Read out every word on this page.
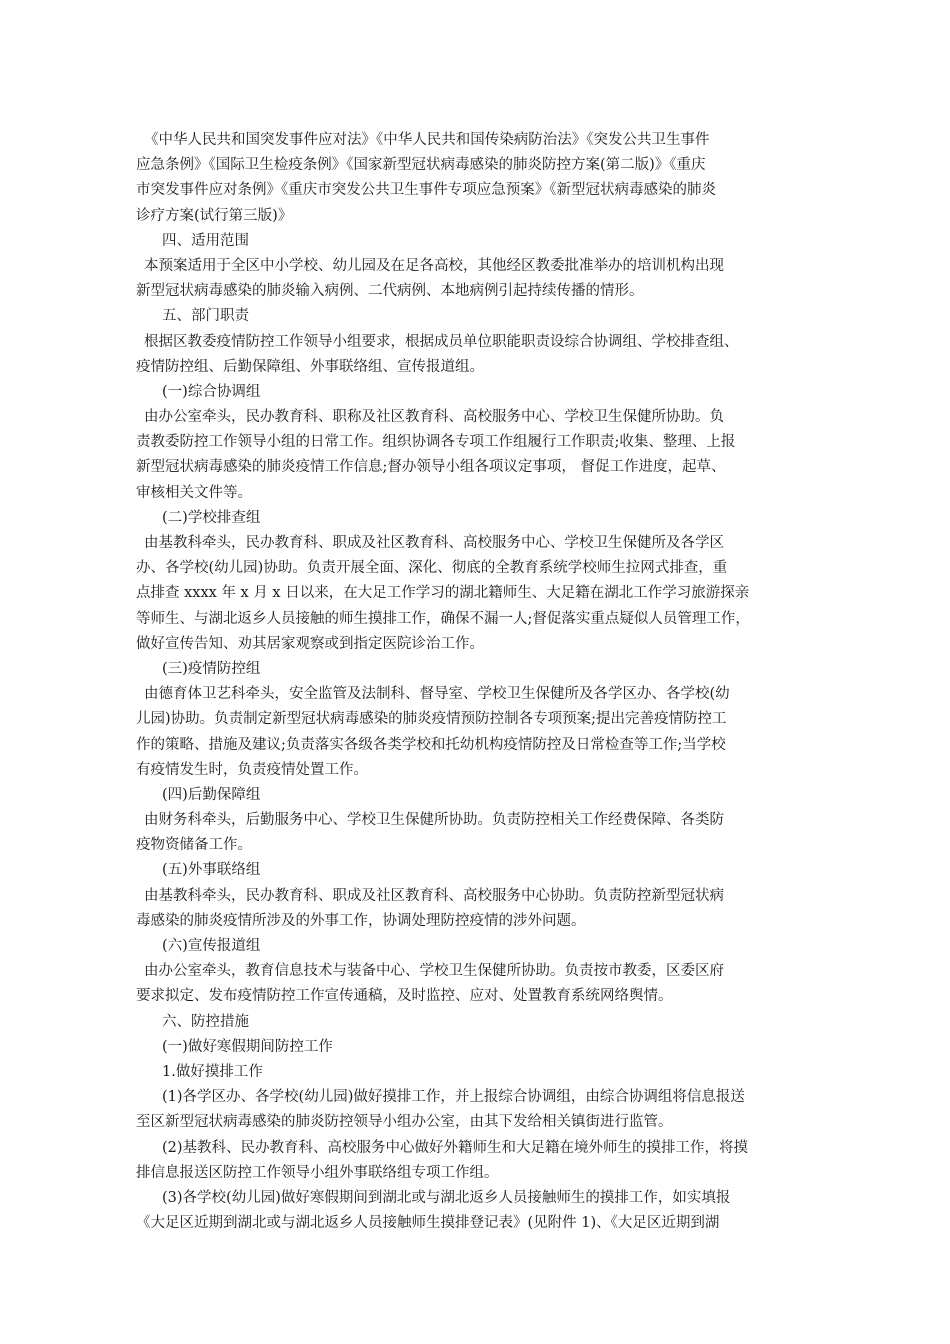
《中华人民共和国突发事件应对法》《中华人民共和国传染病防治法》《突发公共卫生事件
应急条例》《国际卫生检疫条例》《国家新型冠状病毒感染的肺炎防控方案(第二版)》《重庆
市突发事件应对条例》《重庆市突发公共卫生事件专项应急预案》《新型冠状病毒感染的肺炎
诊疗方案(试行第三版)》
四、适用范围
本预案适用于全区中小学校、幼儿园及在足各高校，其他经区教委批准举办的培训机构出现
新型冠状病毒感染的肺炎输入病例、二代病例、本地病例引起持续传播的情形。
五、部门职责
根据区教委疫情防控工作领导小组要求，根据成员单位职能职责设综合协调组、学校排查组、
疫情防控组、后勤保障组、外事联络组、宣传报道组。
(一)综合协调组
由办公室牵头，民办教育科、职称及社区教育科、高校服务中心、学校卫生保健所协助。负
责教委防控工作领导小组的日常工作。组织协调各专项工作组履行工作职责;收集、整理、上报
新型冠状病毒感染的肺炎疫情工作信息;督办领导小组各项议定事项， 督促工作进度，起草、
审核相关文件等。
(二)学校排查组
由基教科牵头，民办教育科、职成及社区教育科、高校服务中心、学校卫生保健所及各学区
办、各学校(幼儿园)协助。负责开展全面、深化、彻底的全教育系统学校师生拉网式排查，重
点排查 xxxx 年 x 月 x 日以来，在大足工作学习的湖北籍师生、大足籍在湖北工作学习旅游探亲
等师生、与湖北返乡人员接触的师生摸排工作，确保不漏一人;督促落实重点疑似人员管理工作，
做好宣传告知、劝其居家观察或到指定医院诊治工作。
(三)疫情防控组
由德育体卫艺科牵头，安全监管及法制科、督导室、学校卫生保健所及各学区办、各学校(幼
儿园)协助。负责制定新型冠状病毒感染的肺炎疫情预防控制各专项预案;提出完善疫情防控工
作的策略、措施及建议;负责落实各级各类学校和托幼机构疫情防控及日常检查等工作;当学校
有疫情发生时，负责疫情处置工作。
(四)后勤保障组
由财务科牵头，后勤服务中心、学校卫生保健所协助。负责防控相关工作经费保障、各类防
疫物资储备工作。
(五)外事联络组
由基教科牵头，民办教育科、职成及社区教育科、高校服务中心协助。负责防控新型冠状病
毒感染的肺炎疫情所涉及的外事工作，协调处理防控疫情的涉外问题。
(六)宣传报道组
由办公室牵头，教育信息技术与装备中心、学校卫生保健所协助。负责按市教委，区委区府
要求拟定、发布疫情防控工作宣传通稿，及时监控、应对、处置教育系统网络舆情。
六、防控措施
(一)做好寒假期间防控工作
1.做好摸排工作
(1)各学区办、各学校(幼儿园)做好摸排工作，并上报综合协调组，由综合协调组将信息报送
至区新型冠状病毒感染的肺炎防控领导小组办公室，由其下发给相关镇街进行监管。
(2)基教科、民办教育科、高校服务中心做好外籍师生和大足籍在境外师生的摸排工作，将摸
排信息报送区防控工作领导小组外事联络组专项工作组。
(3)各学校(幼儿园)做好寒假期间到湖北或与湖北返乡人员接触师生的摸排工作，如实填报
《大足区近期到湖北或与湖北返乡人员接触师生摸排登记表》(见附件 1)、《大足区近期到湖
